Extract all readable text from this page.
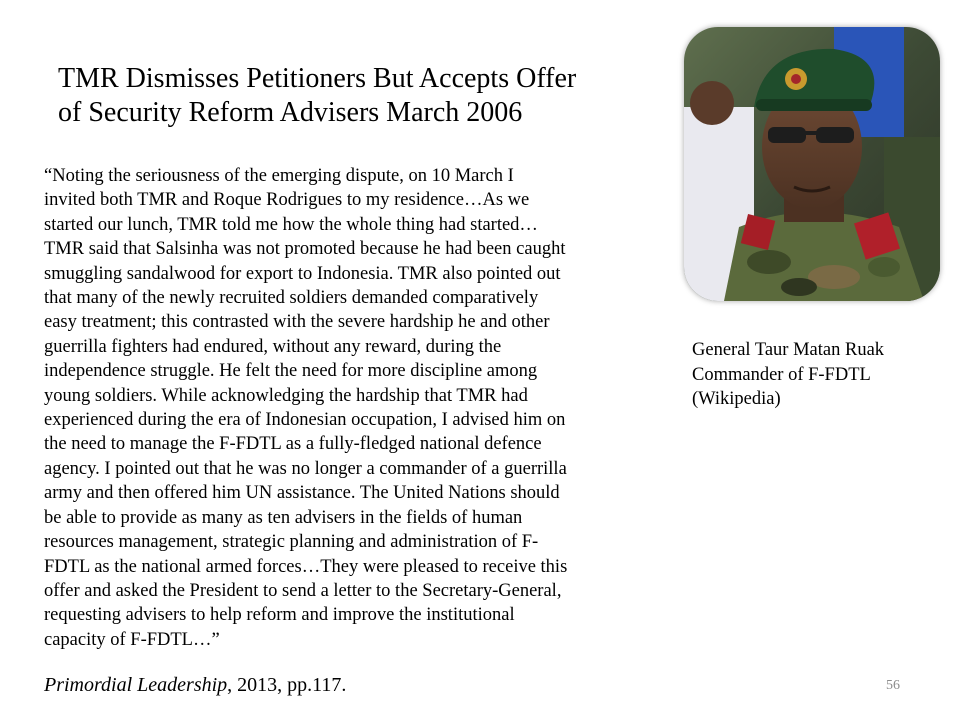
TMR Dismisses Petitioners But Accepts Offer
of Security Reform Advisers March 2006
“Noting the seriousness of the emerging dispute, on 10 March I
invited both TMR and Roque Rodrigues to my residence…As we
started our lunch, TMR told me how the whole thing had started…
TMR said that Salsinha was not promoted because he had been caught
smuggling sandalwood for export to Indonesia. TMR also pointed out
that many of the newly recruited soldiers demanded comparatively
easy treatment; this contrasted with the severe hardship he and other
guerrilla fighters had endured, without any reward, during the
independence struggle. He felt the need for more discipline among
young soldiers. While acknowledging the hardship that TMR had
experienced during the era of Indonesian occupation, I advised him on
the need to manage the F-FDTL as a fully-fledged national defence
agency. I pointed out that he was no longer a commander of a guerrilla
army and then offered him UN assistance. The United Nations should
be able to provide as many as ten advisers in the fields of human
resources management, strategic planning and administration of F-
FDTL as the national armed forces…They were pleased to receive this
offer and asked the President to send a letter to the Secretary-General,
requesting advisers to help reform and improve the institutional
capacity of F-FDTL…”
Primordial Leadership, 2013, pp.117.
General Taur Matan Ruak
Commander of F-FDTL
(Wikipedia)
56
